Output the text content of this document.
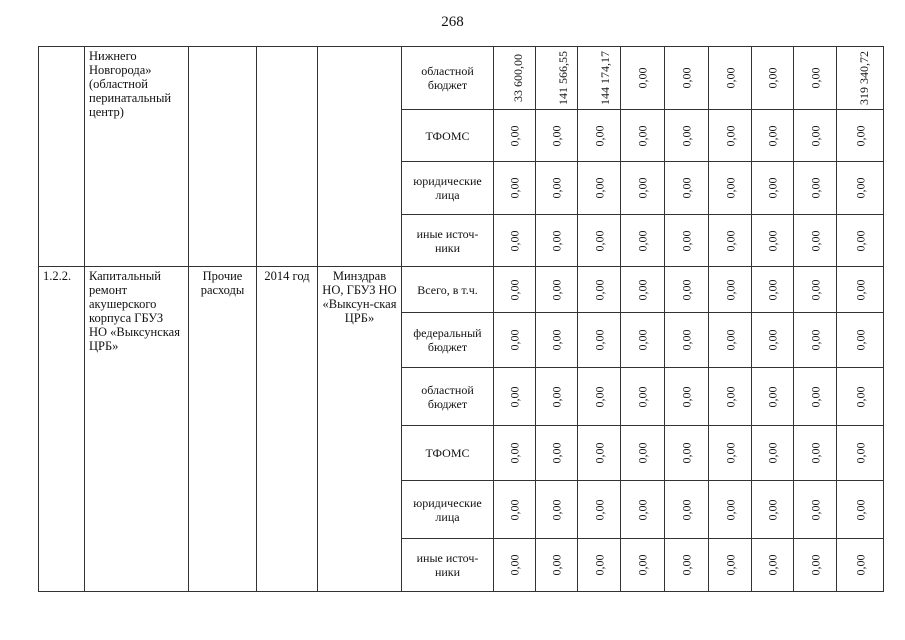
268
	Нижнего Новгорода» (областной перинатальный центр)				областной бюджет	33 600,00	141 566,55	144 174,17	0,00	0,00	0,00	0,00	0,00	319 340,72
					ТФОМС	0,00	0,00	0,00	0,00	0,00	0,00	0,00	0,00	0,00
					юридические лица	0,00	0,00	0,00	0,00	0,00	0,00	0,00	0,00	0,00
					иные источ-ники	0,00	0,00	0,00	0,00	0,00	0,00	0,00	0,00	0,00
1.2.2.	Капитальный ремонт акушерского корпуса ГБУЗ НО «Выксунская ЦРБ»	Прочие расходы	2014 год	Минздрав НО, ГБУЗ НО «Выксун-ская ЦРБ»	Всего, в т.ч.	0,00	0,00	0,00	0,00	0,00	0,00	0,00	0,00	0,00
					федеральный бюджет	0,00	0,00	0,00	0,00	0,00	0,00	0,00	0,00	0,00
					областной бюджет	0,00	0,00	0,00	0,00	0,00	0,00	0,00	0,00	0,00
					ТФОМС	0,00	0,00	0,00	0,00	0,00	0,00	0,00	0,00	0,00
					юридические лица	0,00	0,00	0,00	0,00	0,00	0,00	0,00	0,00	0,00
					иные источ-ники	0,00	0,00	0,00	0,00	0,00	0,00	0,00	0,00	0,00
